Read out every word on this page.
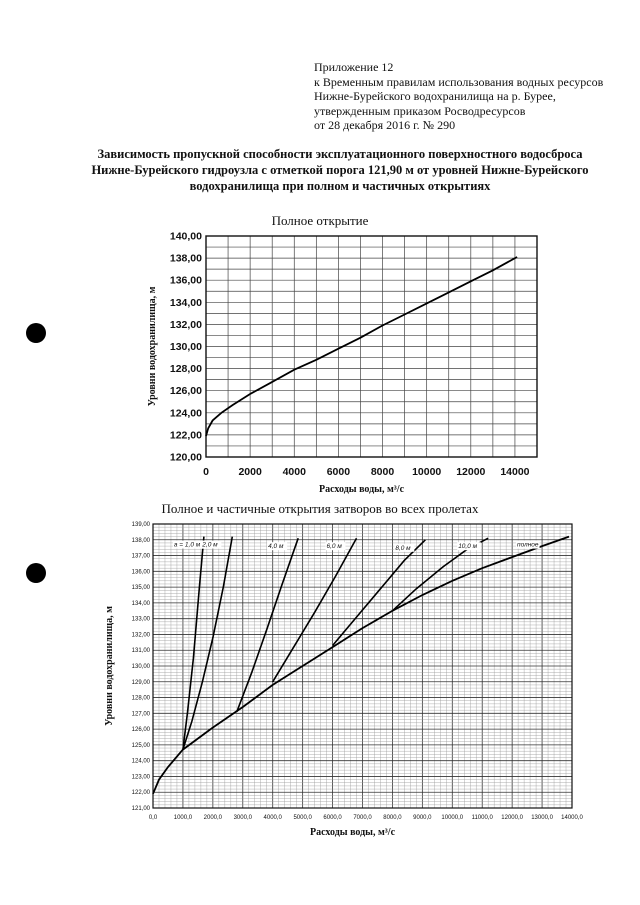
Приложение 12
к Временным правилам использования водных ресурсов
Нижне-Бурейского водохранилища на р. Бурее,
утвержденным приказом Росводресурсов
от 28 декабря 2016 г. № 290
Зависимость пропускной способности эксплуатационного поверхностного водосброса
Нижне-Бурейского гидроузла с отметкой порога 121,90 м от уровней Нижне-Бурейского
водохранилища при полном и частичных открытиях
Полное открытие
Полное и частичные открытия затворов во всех пролетах
120,00
122,00
124,00
126,00
128,00
130,00
132,00
134,00
136,00
138,00
140,00
0	2000 4000 6000 8000 10000 12000 14000
Расходы воды, м³/с
Уровни водохранилища, м
121,00
122,00
123,00
124,00
125,00
126,00
127,00
128,00
129,00
130,00
131,00
132,00
133,00
134,00
135,00
136,00
137,00
138,00
139,00
0,0	1000,0 2000,0 3000,0 4000,0 5000,0 6000,0 7000,0 8000,0 9000,0 10000,0 11000,0 12000,0 13000,0 14000,0
Расходы воды, м³/с
Уровни водохранилища, м
полное
a = 1,0 м 2,0 м	4,0 м	6,0 м	8,0 м	10,0 м
